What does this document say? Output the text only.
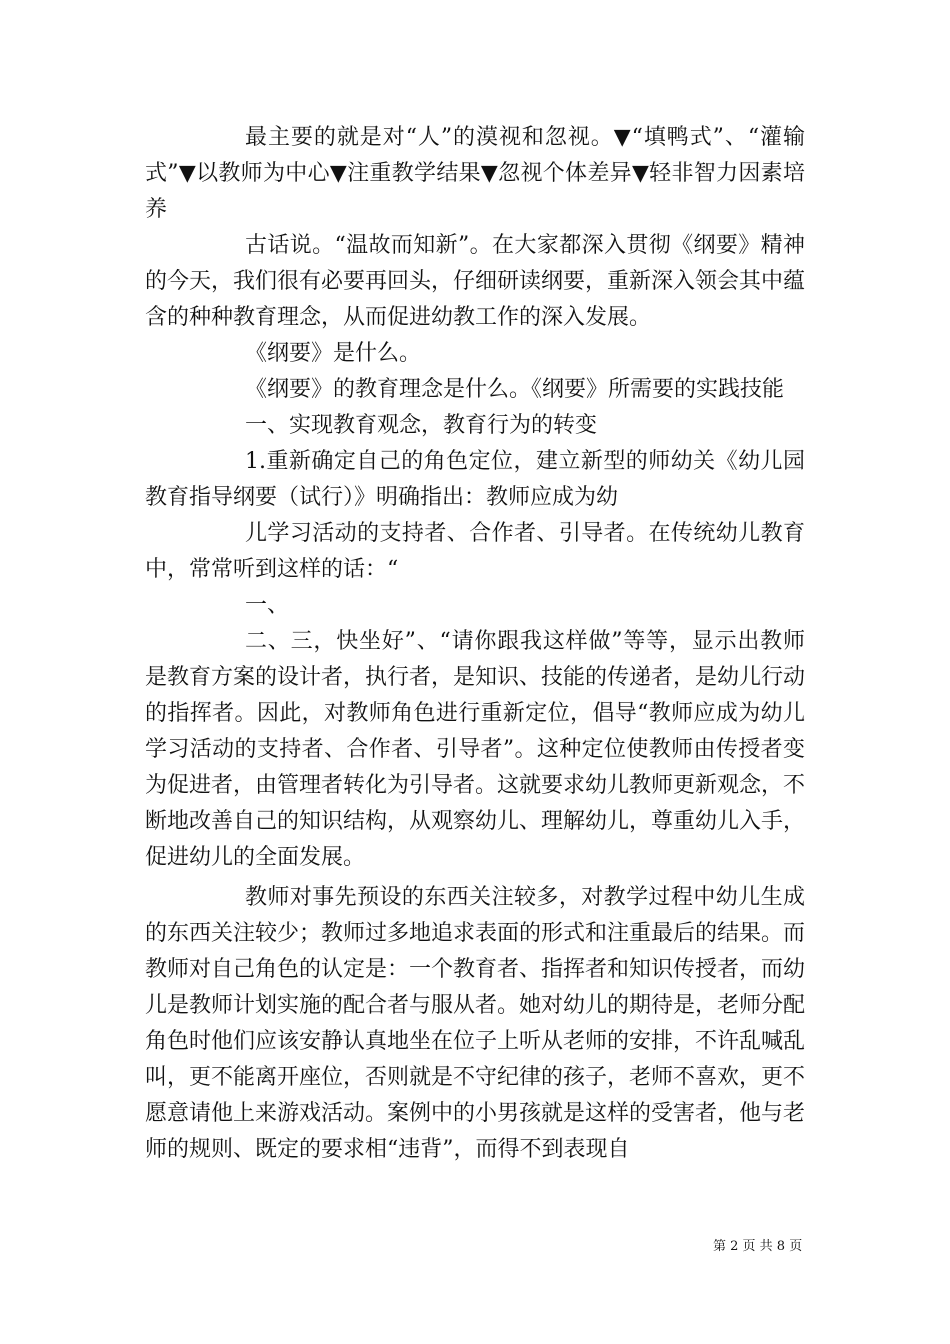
最主要的就是对“人”的漠视和忽视。▼“填鸭式”、“灌输式”▼以教师为中心▼注重教学结果▼忽视个体差异▼轻非智力因素培养

古话说。“温故而知新”。在大家都深入贯彻《纲要》精神的今天，我们很有必要再回头，仔细研读纲要，重新深入领会其中蕴含的种种教育理念，从而促进幼教工作的深入发展。

《纲要》是什么。

《纲要》的教育理念是什么。《纲要》所需要的实践技能

一、实现教育观念，教育行为的转变

1.重新确定自己的角色定位，建立新型的师幼关《幼儿园教育指导纲要（试行）》明确指出：教师应成为幼

儿学习活动的支持者、合作者、引导者。在传统幼儿教育中，常常听到这样的话：“

一、

二、三，快坐好”、“请你跟我这样做”等等，显示出教师是教育方案的设计者，执行者，是知识、技能的传递者，是幼儿行动的指挥者。因此，对教师角色进行重新定位，倡导“教师应成为幼儿学习活动的支持者、合作者、引导者”。这种定位使教师由传授者变为促进者，由管理者转化为引导者。这就要求幼儿教师更新观念，不断地改善自己的知识结构，从观察幼儿、理解幼儿，尊重幼儿入手，促进幼儿的全面发展。

教师对事先预设的东西关注较多，对教学过程中幼儿生成的东西关注较少；教师过多地追求表面的形式和注重最后的结果。而教师对自己角色的认定是：一个教育者、指挥者和知识传授者，而幼儿是教师计划实施的配合者与服从者。她对幼儿的期待是，老师分配角色时他们应该安静认真地坐在位子上听从老师的安排，不许乱喊乱叫，更不能离开座位，否则就是不守纪律的孩子，老师不喜欢，更不愿意请他上来游戏活动。案例中的小男孩就是这样的受害者，他与老师的规则、既定的要求相“违背”，而得不到表现自

第 2 页 共 8 页
